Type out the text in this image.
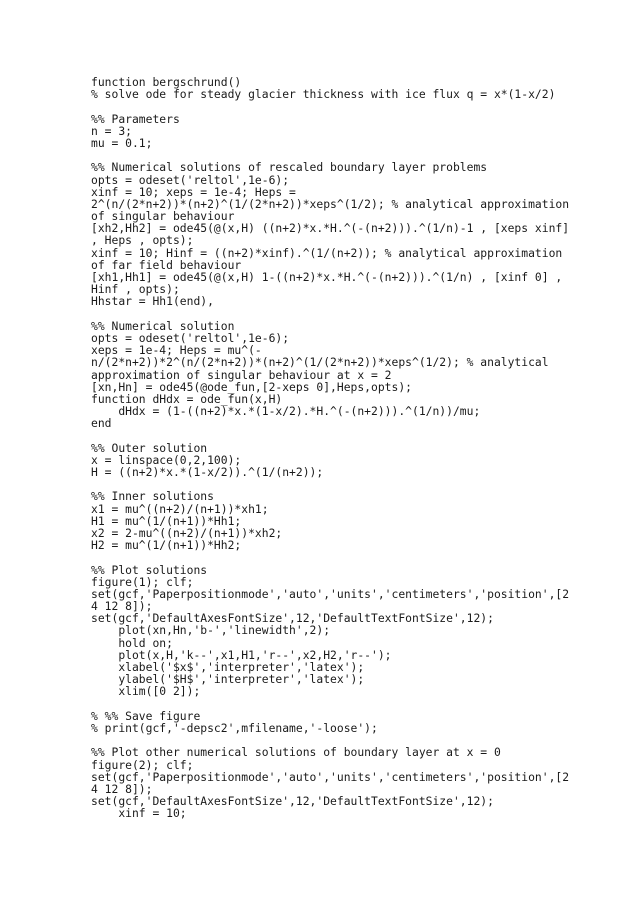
function bergschrund()
% solve ode for steady glacier thickness with ice flux q = x*(1-x/2)
%% Parameters
n = 3;
mu = 0.1;
%% Numerical solutions of rescaled boundary layer problems
opts = odeset('reltol',1e-6);
xinf = 10; xeps = 1e-4; Heps =
2^(n/(2*n+2))*(n+2)^(1/(2*n+2))*xeps^(1/2); % analytical approximation
of singular behaviour
[xh2,Hh2] = ode45(@(x,H) ((n+2)*x.*H.^(-(n+2))).^(1/n)-1 , [xeps xinf]
, Heps , opts);
xinf = 10; Hinf = ((n+2)*xinf).^(1/(n+2)); % analytical approximation
of far field behaviour
[xh1,Hh1] = ode45(@(x,H) 1-((n+2)*x.*H.^(-(n+2))).^(1/n) , [xinf 0] ,
Hinf , opts);
Hhstar = Hh1(end),
%% Numerical solution
opts = odeset('reltol',1e-6);
xeps = 1e-4; Heps = mu^(-
n/(2*n+2))*2^(n/(2*n+2))*(n+2)^(1/(2*n+2))*xeps^(1/2); % analytical
approximation of singular behaviour at x = 2
[xn,Hn] = ode45(@ode_fun,[2-xeps 0],Heps,opts);
function dHdx = ode_fun(x,H)
dHdx = (1-((n+2)*x.*(1-x/2).*H.^(-(n+2))).^(1/n))/mu;
end
%% Outer solution
x = linspace(0,2,100);
H = ((n+2)*x.*(1-x/2)).^(1/(n+2));
%% Inner solutions
x1 = mu^((n+2)/(n+1))*xh1;
H1 = mu^(1/(n+1))*Hh1;
x2 = 2-mu^((n+2)/(n+1))*xh2;
H2 = mu^(1/(n+1))*Hh2;
%% Plot solutions
figure(1); clf;
set(gcf,'Paperpositionmode','auto','units','centimeters','position',[2
4 12 8]);
set(gcf,'DefaultAxesFontSize',12,'DefaultTextFontSize',12);
plot(xn,Hn,'b-','linewidth',2);
hold on;
plot(x,H,'k--',x1,H1,'r--',x2,H2,'r--');
xlabel('$x$','interpreter','latex');
ylabel('$H$','interpreter','latex');
xlim([0 2]);
% %% Save figure
% print(gcf,'-depsc2',mfilename,'-loose');
%% Plot other numerical solutions of boundary layer at x = 0
figure(2); clf;
set(gcf,'Paperpositionmode','auto','units','centimeters','position',[2
4 12 8]);
set(gcf,'DefaultAxesFontSize',12,'DefaultTextFontSize',12);
xinf = 10;
